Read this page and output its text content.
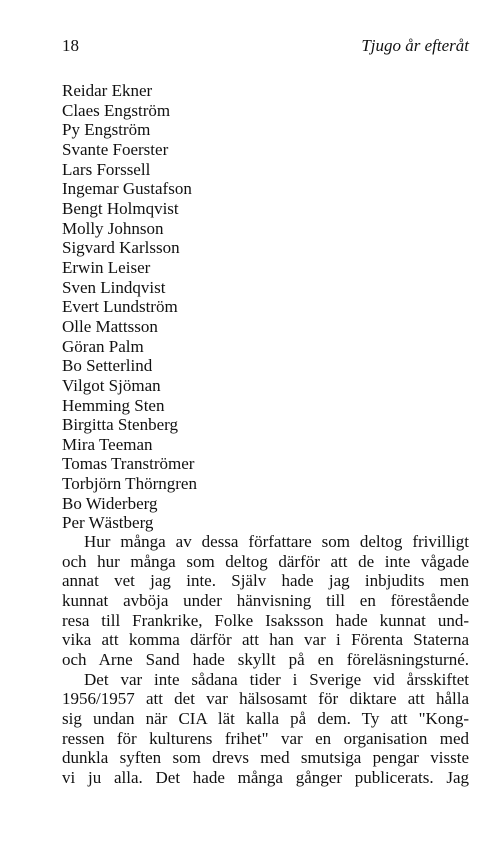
18	Tjugo år efteråt
Reidar Ekner
Claes Engström
Py Engström
Svante Foerster
Lars Forssell
Ingemar Gustafson
Bengt Holmqvist
Molly Johnson
Sigvard Karlsson
Erwin Leiser
Sven Lindqvist
Evert Lundström
Olle Mattsson
Göran Palm
Bo Setterlind
Vilgot Sjöman
Hemming Sten
Birgitta Stenberg
Mira Teeman
Tomas Tranströmer
Torbjörn Thörngren
Bo Widerberg
Per Wästberg

Hur många av dessa författare som deltog frivilligt
och hur många som deltog därför att de inte vågade
annat vet jag inte. Själv hade jag inbjudits men
kunnat avböja under hänvisning till en förestående
resa till Frankrike, Folke Isaksson hade kunnat und-
vika att komma därför att han var i Förenta Staterna
och Arne Sand hade skyllt på en föreläsningsturné.

Det var inte sådana tider i Sverige vid årsskiftet
1956/1957 att det var hälsosamt för diktare att hålla
sig undan när CIA lät kalla på dem. Ty att "Kong-
ressen för kulturens frihet" var en organisation med
dunkla syften som drevs med smutsiga pengar visste
vi ju alla. Det hade många gånger publicerats. Jag
